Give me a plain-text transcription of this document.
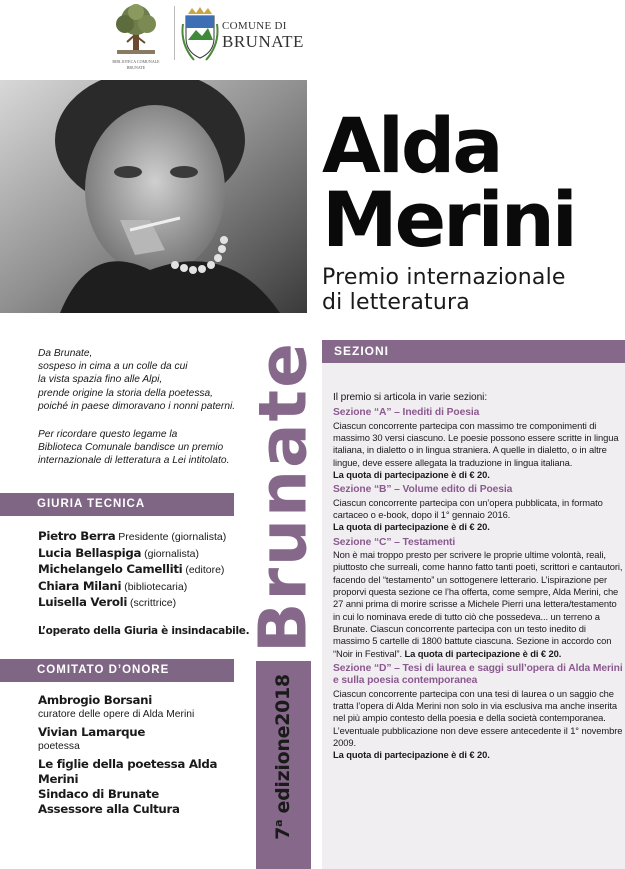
BIBLIOTECA COMUNALE
BRUNATE
COMUNE DI
BRUNATE
Alda
Merini
Premio internazionale
di letteratura
Da Brunate,
sospeso in cima a un colle da cui
la vista spazia fino alle Alpi,
prende origine la storia della poetessa,
poiché in paese dimoravano i nonni paterni.
Per ricordare questo legame la
Biblioteca Comunale bandisce un premio
internazionale di letteratura a Lei intitolato.
GIURIA TECNICA
Pietro Berra Presidente (giornalista)
Lucia Bellaspiga (giornalista)
Michelangelo Camelliti (editore)
Chiara Milani (bibliotecaria)
Luisella Veroli (scrittrice)
L’operato della Giuria è insindacabile.
COMITATO D’ONORE
Ambrogio Borsani
curatore delle opere di Alda Merini
Vivian Lamarque
poetessa
Le figlie della poetessa Alda Merini
Sindaco di Brunate
Assessore alla Cultura
Brunate
7$^a$ edizione2018
SEZIONI
Il premio si articola in varie sezioni:
Sezione “A” – Inediti di Poesia
Ciascun concorrente partecipa con massimo tre componimenti di massimo 30 versi ciascuno. Le poesie possono essere scritte in lingua italiana, in dialetto o in lingua straniera. A quelle in dialetto, o in altre lingue, deve essere allegata la traduzione in lingua italiana.
La quota di partecipazione è di € 20.
Sezione “B” – Volume edito di Poesia
Ciascun concorrente partecipa con un’opera pubblicata, in formato cartaceo o e-book, dopo il 1° gennaio 2016.
La quota di partecipazione è di € 20.
Sezione “C” – Testamenti
Non è mai troppo presto per scrivere le proprie ultime volontà, reali, piuttosto che surreali, come hanno fatto tanti poeti, scrittori e cantautori, facendo del “testamento” un sottogenere letterario. L’ispirazione per proporvi questa sezione ce l’ha offerta, come sempre, Alda Merini, che 27 anni prima di morire scrisse a Michele Pierri una lettera/testamento in cui lo nominava erede di tutto ciò che possedeva... un terreno a Brunate. Ciascun concorrente partecipa con un testo inedito di massimo 5 cartelle di 1800 battute ciascuna. Sezione in accordo con “Noir in Festival”. La quota di partecipazione è di € 20.
Sezione “D” – Tesi di laurea e saggi sull’opera di Alda Merini e sulla poesia contemporanea
Ciascun concorrente partecipa con una tesi di laurea o un saggio che tratta l’opera di Alda Merini non solo in via esclusiva ma anche inserita nel più ampio contesto della poesia e della società contemporanea. L’eventuale pubblicazione non deve essere antecedente il 1° novembre 2009.
La quota di partecipazione è di € 20.
